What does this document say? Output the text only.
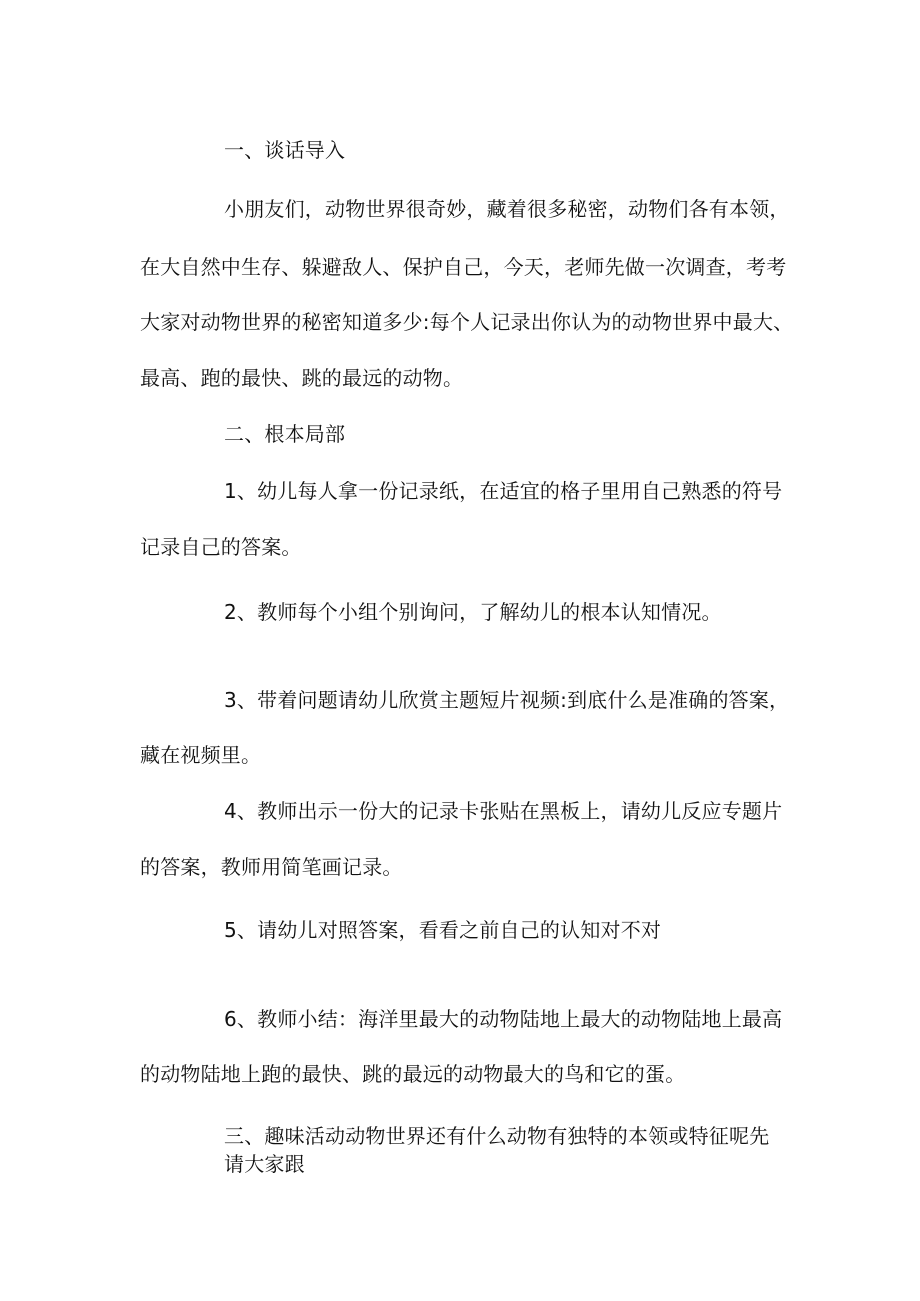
一、谈话导入
小朋友们，动物世界很奇妙，藏着很多秘密，动物们各有本领，
在大自然中生存、躲避敌人、保护自己，今天，老师先做一次调查，考考
大家对动物世界的秘密知道多少:每个人记录出你认为的动物世界中最大、
最高、跑的最快、跳的最远的动物。
二、根本局部
1、幼儿每人拿一份记录纸，在适宜的格子里用自己熟悉的符号
记录自己的答案。
2、教师每个小组个别询问，了解幼儿的根本认知情况。
3、带着问题请幼儿欣赏主题短片视频:到底什么是准确的答案，
藏在视频里。
4、教师出示一份大的记录卡张贴在黑板上，请幼儿反应专题片
的答案，教师用简笔画记录。
5、请幼儿对照答案，看看之前自己的认知对不对
6、教师小结：海洋里最大的动物陆地上最大的动物陆地上最高
的动物陆地上跑的最快、跳的最远的动物最大的鸟和它的蛋。
三、趣味活动动物世界还有什么动物有独特的本领或特征呢先
请大家跟
